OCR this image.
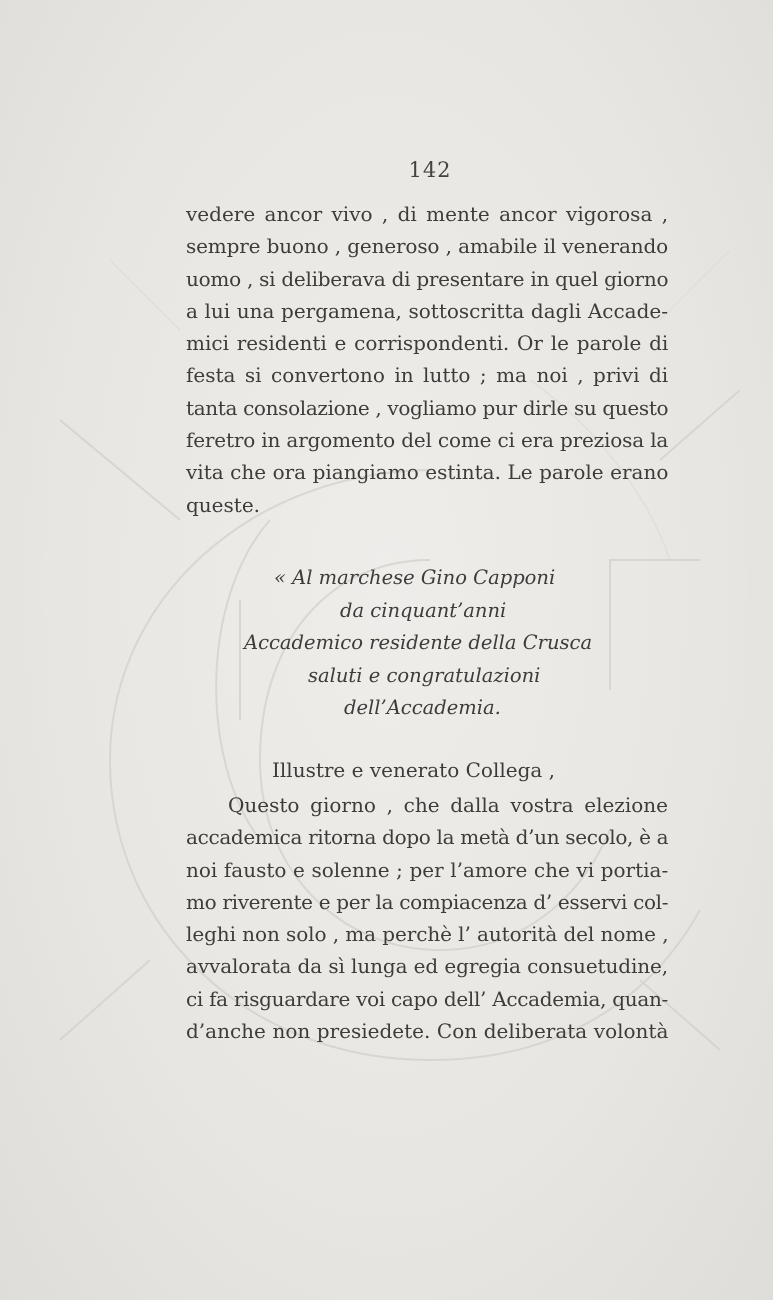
142
vedere ancor vivo , di mente ancor vigorosa ,
sempre buono , generoso , amabile il venerando
uomo , si deliberava di presentare in quel giorno
a lui una pergamena, sottoscritta dagli Accade-
mici residenti e corrispondenti. Or le parole di
festa si convertono in lutto ; ma noi , privi di
tanta consolazione , vogliamo pur dirle su questo
feretro in argomento del come ci era preziosa la
vita che ora piangiamo estinta. Le parole erano
queste.
« Al marchese Gino Capponi
da cinquant’anni
Accademico residente della Crusca
saluti e congratulazioni
dell’Accademia.
Illustre e venerato Collega ,
Questo giorno , che dalla vostra elezione
accademica ritorna dopo la metà d’un secolo, è a
noi fausto e solenne ; per l’amore che vi portia-
mo riverente e per la compiacenza d’ esservi col-
leghi non solo , ma perchè l’ autorità del nome ,
avvalorata da sì lunga ed egregia consuetudine,
ci fa risguardare voi capo dell’ Accademia, quan-
d’anche non presiedete. Con deliberata volontà
